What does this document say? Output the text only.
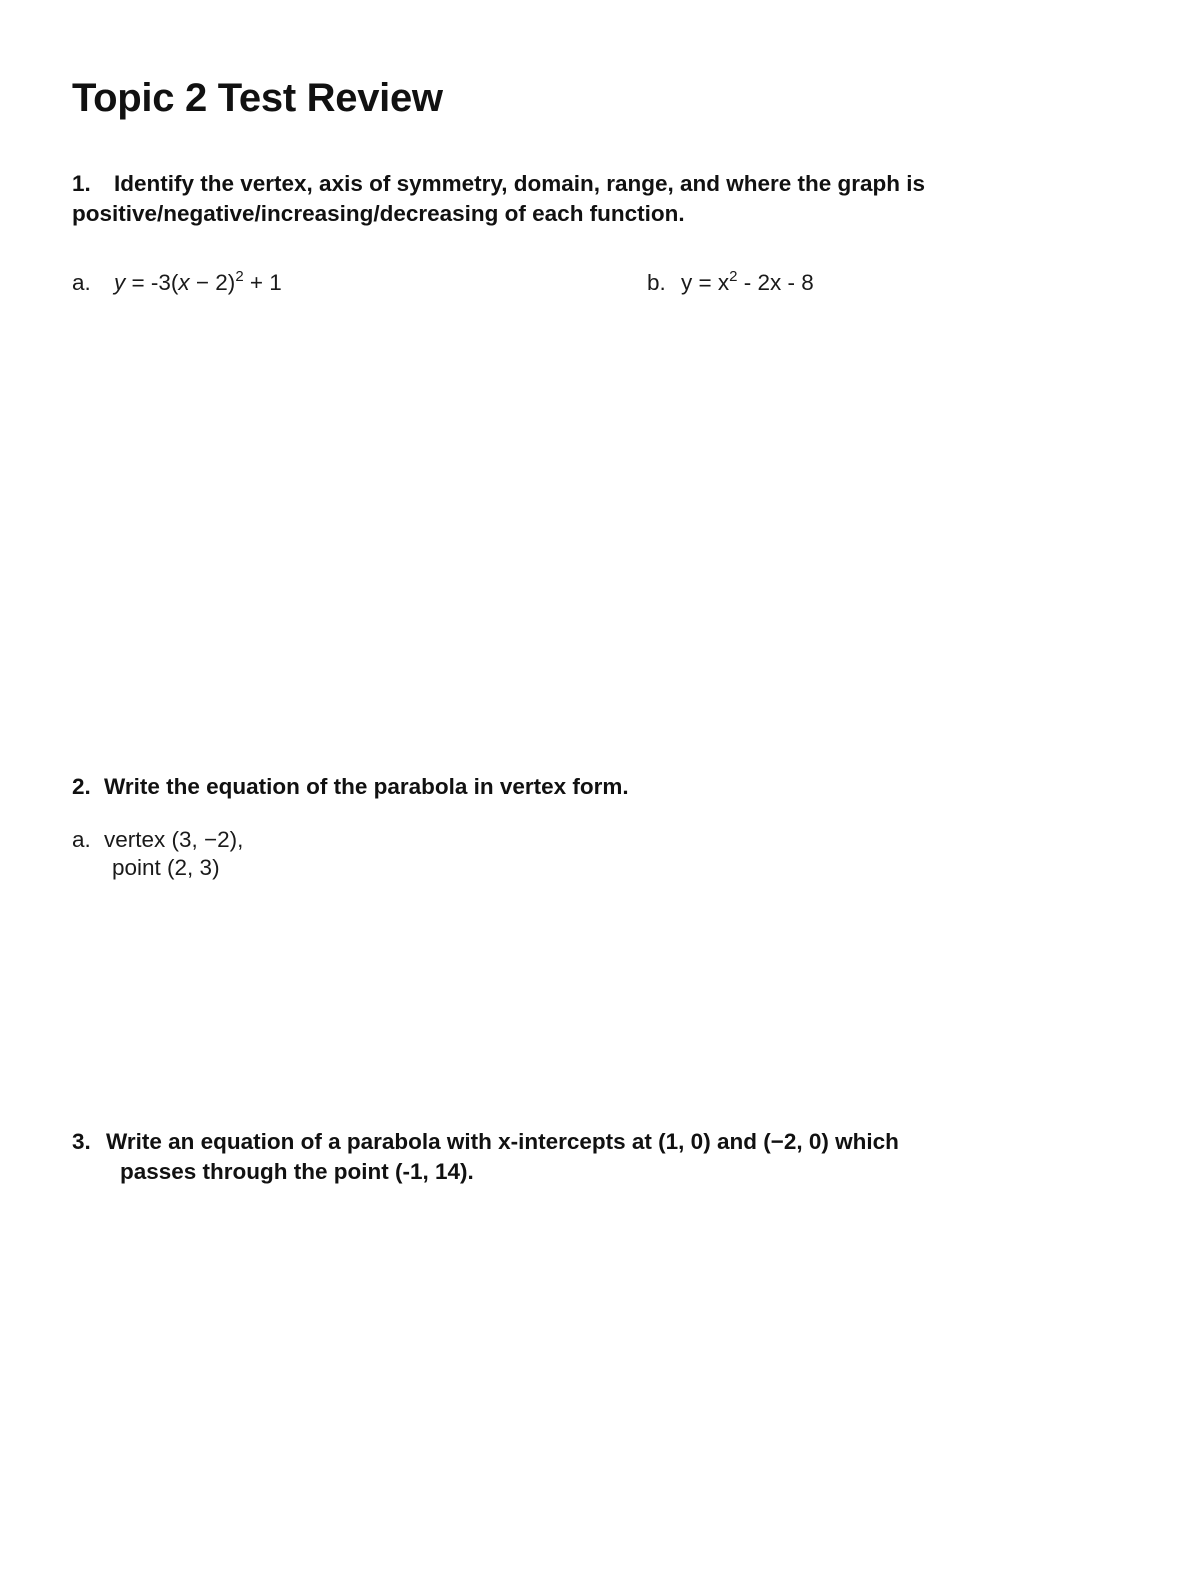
Topic 2 Test Review
1. Identify the vertex, axis of symmetry, domain, range, and where the graph is
positive/negative/increasing/decreasing of each function.
a. $y = -3(x - 2)^2 + 1$	b. $y = x^2 - 2x - 8$
2. Write the equation of the parabola in vertex form.
a. vertex (3, −2),
point (2, 3)
3. Write an equation of a parabola with x-intercepts at (1, 0) and (−2, 0) which
passes through the point (-1, 14).
